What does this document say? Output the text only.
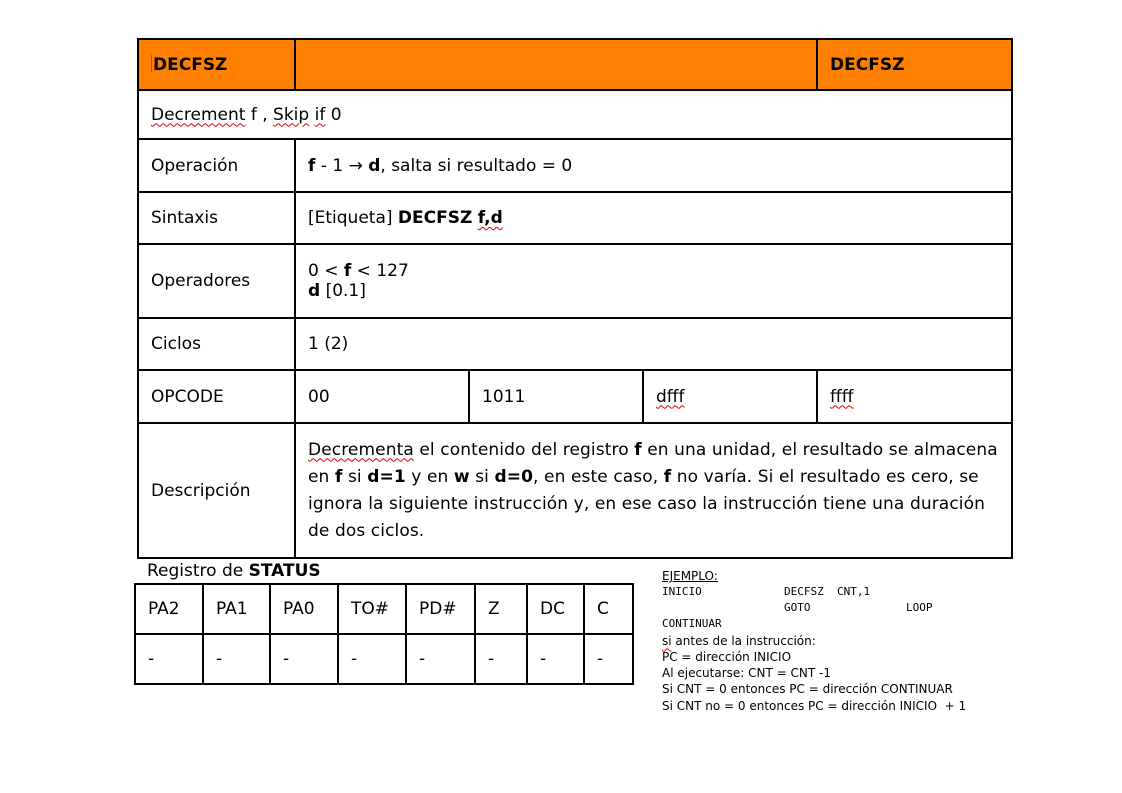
DECFSZ				DECFSZ
Decrement f , Skip if 0				
Operación	f - 1 → d, salta si resultado = 0			
Sintaxis	[Etiqueta] DECFSZ f,d			
Operadores	0 < f < 127
d [0.1]			

Ciclos	1 (2)			
OPCODE	00	1011	dfff	ffff
Descripción	Decrementa el contenido del registro f en una unidad, el resultado se almacena en f si d=1 y en w si d=0, en este caso, f no varía. Si el resultado es cero, se ignora la siguiente instrucción y, en ese caso la instrucción tiene una duración de dos ciclos.			
Registro de STATUS
PA2	PA1	PA0	TO#	PD#	Z	DC	C
-	-	-	-	-	-	-	-
EJEMPLO:
INICIO	DECFSZ  CNT,1
GOTO	LOOP
CONTINUAR
si antes de la instrucción:
PC = dirección INICIO
Al ejecutarse: CNT = CNT -1
Si CNT = 0 entonces PC = dirección CONTINUAR
Si CNT no = 0 entonces PC = dirección INICIO  + 1
